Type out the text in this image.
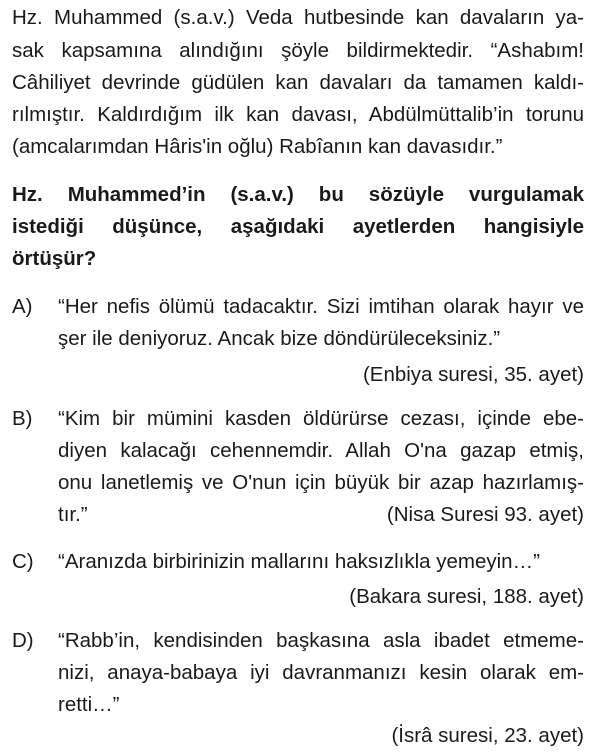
Hz. Muhammed (s.a.v.) Veda hutbesinde kan davaların ya-
sak kapsamına alındığını şöyle bildirmektedir. “Ashabım!
Câhiliyet devrinde güdülen kan davaları da tamamen kaldı-
rılmıştır. Kaldırdığım ilk kan davası, Abdülmüttalib’in torunu
(amcalarımdan Hâris'in oğlu) Rabîanın kan davasıdır.”
Hz. Muhammed’in (s.a.v.) bu sözüyle vurgulamak
istediği düşünce, aşağıdaki ayetlerden hangisiyle
örtüşür?
A)	“Her nefis ölümü tadacaktır. Sizi imtihan olarak hayır ve
şer ile deniyoruz. Ancak bize döndürüleceksiniz.”
(Enbiya suresi, 35. ayet)
B)	“Kim bir mümini kasden öldürürse cezası, içinde ebe-
diyen kalacağı cehennemdir. Allah O'na gazap etmiş,
onu lanetlemiş ve O'nun için büyük bir azap hazırlamış-
tır.”	(Nisa Suresi 93. ayet)
C)	“Aranızda birbirinizin mallarını haksızlıkla yemeyin…”
(Bakara suresi, 188. ayet)
D)	“Rabb’in, kendisinden başkasına asla ibadet etmeme-
nizi, anaya-babaya iyi davranmanızı kesin olarak em-
retti…”
(İsrâ suresi, 23. ayet)
